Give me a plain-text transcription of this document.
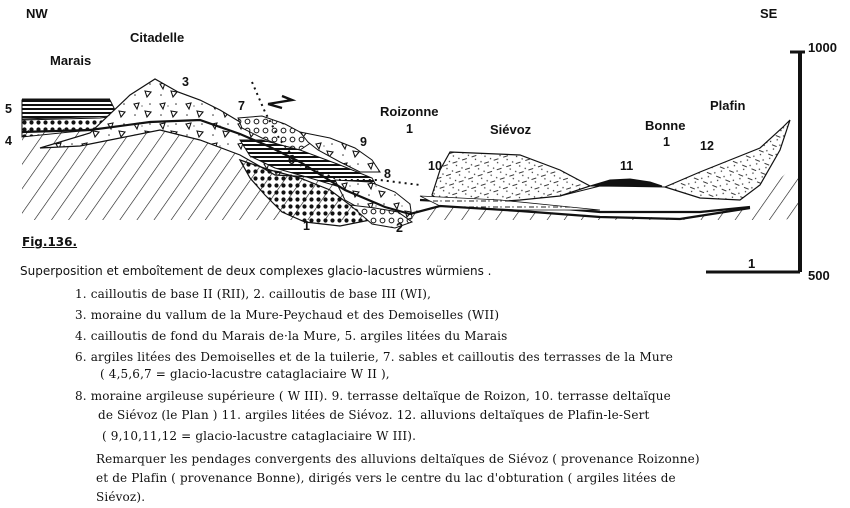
NW	SE
Marais
Citadelle
Roizonne
Siévoz	Bonne
Plafin
1
1
1	2
3
4
5
6
7
8
9
10	11
12
1000
500
1
Fig.136.
Superposition et emboîtement de deux complexes glacio-lacustres würmiens .
1. cailloutis de base II (RII), 2. cailloutis de base III (WI),
3. moraine du vallum de la Mure-Peychaud et des Demoiselles (WII)
4. cailloutis de fond du Marais de·la Mure, 5. argiles litées du Marais
6. argiles litées des Demoiselles et de la tuilerie, 7. sables et cailloutis des terrasses de la Mure
( 4,5,6,7 = glacio-lacustre cataglaciaire W II ),
8. moraine argileuse supérieure ( W III). 9. terrasse deltaïque de Roizon, 10. terrasse deltaïque
de Siévoz (le Plan ) 11. argiles litées de Siévoz. 12. alluvions deltaïques de Plafin-le-Sert
( 9,10,11,12 = glacio-lacustre cataglaciaire W III).
Remarquer les pendages convergents des alluvions deltaïques de Siévoz ( provenance Roizonne)
et de Plafin ( provenance Bonne), dirigés vers le centre du lac d'obturation ( argiles litées de
Siévoz).
